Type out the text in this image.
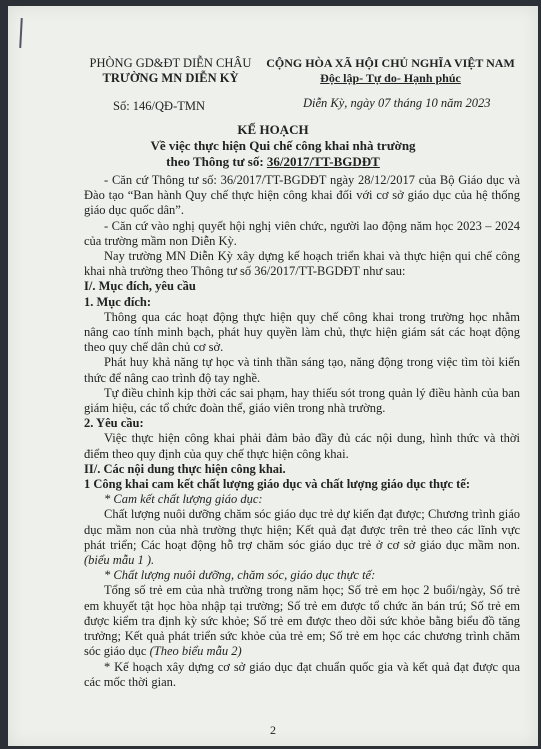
PHÒNG GD&ĐT DIỄN CHÂU
TRƯỜNG MN DIỄN KỲ
CỘNG HÒA XÃ HỘI CHỦ NGHĨA VIỆT NAM
Độc lập- Tự do- Hạnh phúc
Số: 146/QĐ-TMN	Diễn Kỳ, ngày 07 tháng 10 năm 2023
KẾ HOẠCH
Về việc thực hiện Qui chế công khai nhà trường
theo Thông tư số: 36/2017/TT-BGDĐT

- Căn cứ Thông tư số: 36/2017/TT-BGDĐT ngày 28/12/2017 của Bộ Giáo dục và Đào tạo “Ban hành Quy chế thực hiện công khai đối với cơ sở giáo dục của hệ thống giáo dục quốc dân”.

- Căn cứ vào nghị quyết hội nghị viên chức, người lao động năm học 2023 – 2024 của trường mầm non Diễn Kỳ.

Nay trường MN Diễn Kỳ xây dựng kế hoạch triển khai và thực hiện qui chế công khai nhà trường theo Thông tư số 36/2017/TT-BGDĐT như sau:

I/. Mục đích, yêu cầu

1. Mục đích:

Thông qua các hoạt động thực hiện quy chế công khai trong trường học nhằm nâng cao tính minh bạch, phát huy quyền làm chủ, thực hiện giám sát các hoạt động theo quy chế dân chủ cơ sở.

Phát huy khả năng tự học và tinh thần sáng tạo, năng động trong việc tìm tòi kiến thức để nâng cao trình độ tay nghề.

Tự điều chỉnh kịp thời các sai phạm, hay thiếu sót trong quản lý điều hành của ban giám hiệu, các tổ chức đoàn thể, giáo viên trong nhà trường.

2. Yêu cầu:

Việc thực hiện công khai phải đảm bảo đầy đủ các nội dung, hình thức và thời điểm theo quy định của quy chế thực hiện công khai.

II/. Các nội dung thực hiện công khai.

1 Công khai cam kết chất lượng giáo dục và chất lượng giáo dục thực tế:

* Cam kết chất lượng giáo dục:

Chất lượng nuôi dưỡng chăm sóc giáo dục trẻ dự kiến đạt được; Chương trình giáo dục mầm non của nhà trường thực hiện; Kết quả đạt được trên trẻ theo các lĩnh vực phát triển; Các hoạt động hỗ trợ chăm sóc giáo dục trẻ ở cơ sở giáo dục mầm non. (biểu mẫu 1 ).

* Chất lượng nuôi dưỡng, chăm sóc, giáo dục thực tế:

Tổng số trẻ em của nhà trường trong năm học; Số trẻ em học 2 buổi/ngày, Số trẻ em khuyết tật học hòa nhập tại trường; Số trẻ em được tổ chức ăn bán trú; Số trẻ em được kiểm tra định kỳ sức khỏe; Số trẻ em được theo dõi sức khỏe bằng biểu đồ tăng trưởng; Kết quả phát triển sức khỏe của trẻ em; Số trẻ em học các chương trình chăm sóc giáo dục (Theo biểu mẫu 2)

* Kế hoạch xây dựng cơ sở giáo dục đạt chuẩn quốc gia và kết quả đạt được qua các mốc thời gian.

2
